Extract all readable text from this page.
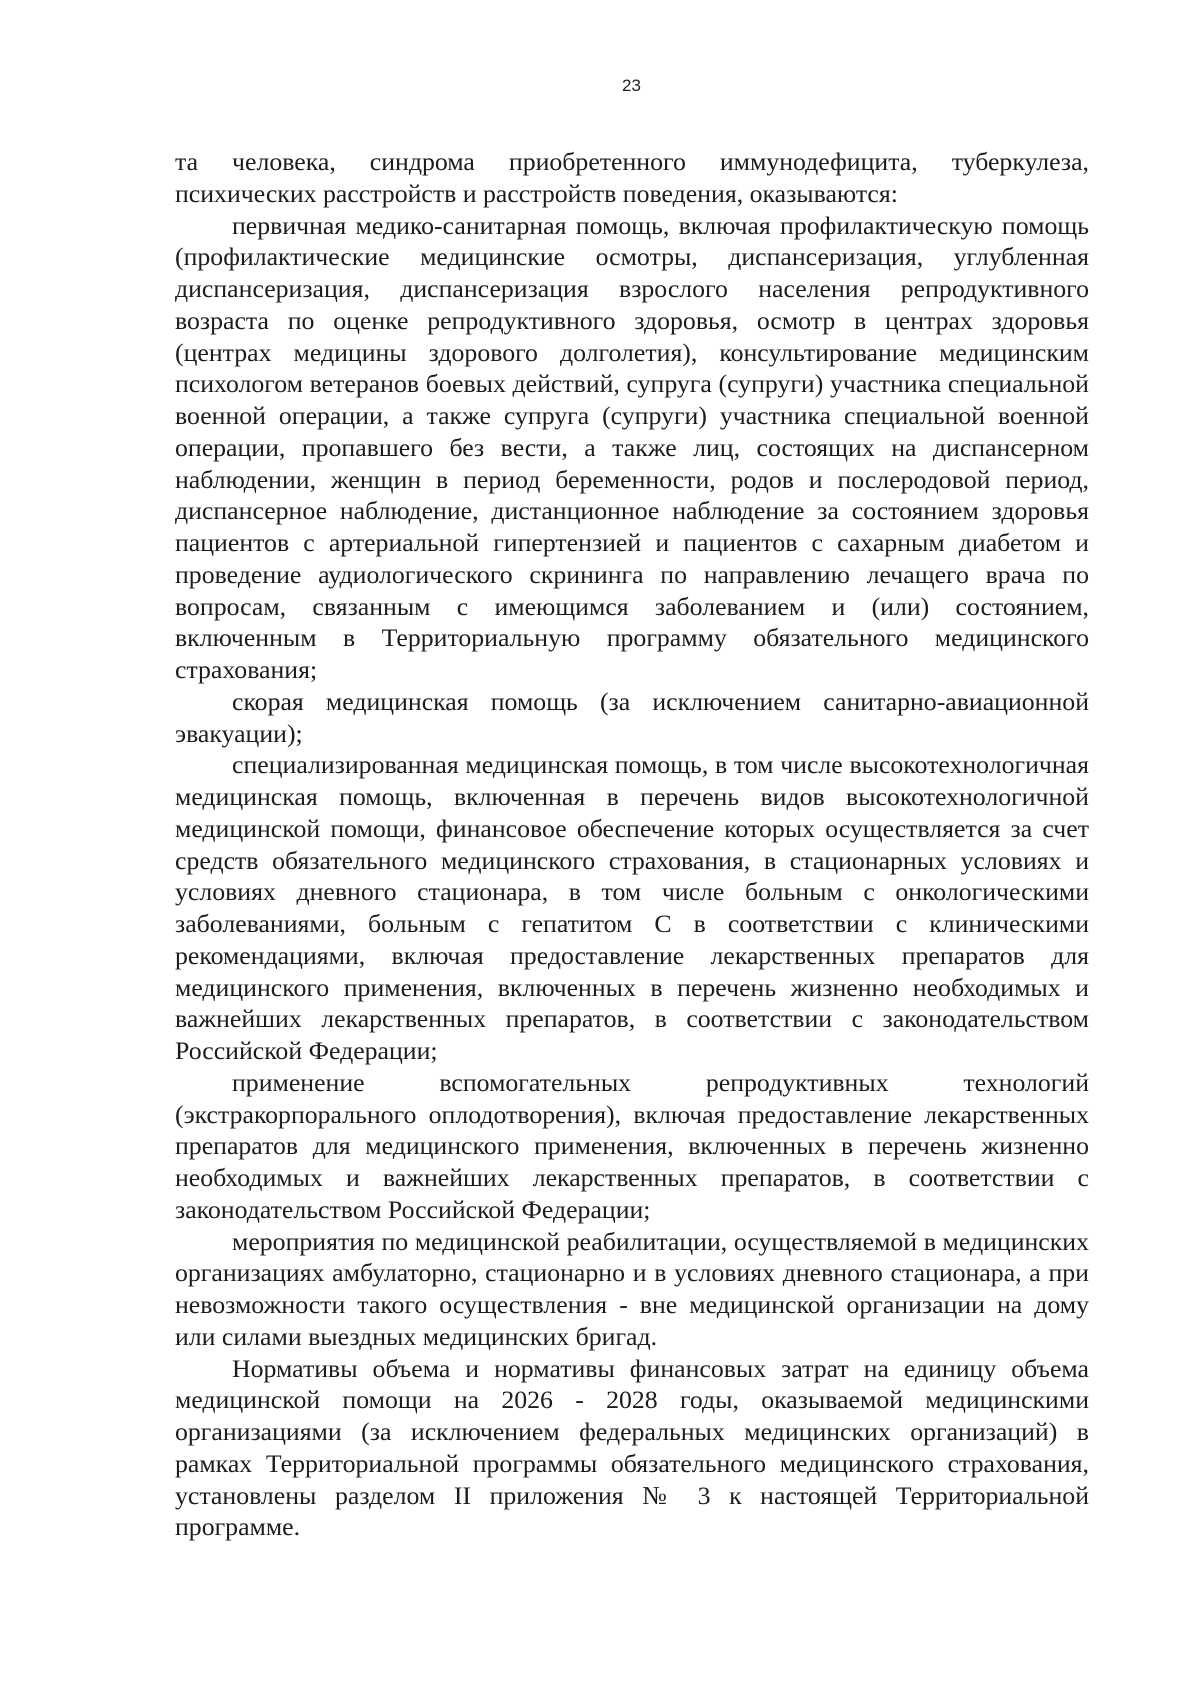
23

та человека, синдрома приобретенного иммунодефицита, туберкулеза, психических расстройств и расстройств поведения, оказываются:

первичная медико-санитарная помощь, включая профилактическую помощь (профилактические медицинские осмотры, диспансеризация, углубленная диспансеризация, диспансеризация взрослого населения репродуктивного возраста по оценке репродуктивного здоровья, осмотр в центрах здоровья (центрах медицины здорового долголетия), консультирование медицинским психологом ветеранов боевых действий, супруга (супруги) участника специальной военной операции, а также супруга (супруги) участника специальной военной операции, пропавшего без вести, а также лиц, состоящих на диспансерном наблюдении, женщин в период беременности, родов и послеродовой период, диспансерное наблюдение, дистанционное наблюдение за состоянием здоровья пациентов с артериальной гипертензией и пациентов с сахарным диабетом и проведение аудиологического скрининга по направлению лечащего врача по вопросам, связанным с имеющимся заболеванием и (или) состоянием, включенным в Территориальную программу обязательного медицинского страхования;

скорая медицинская помощь (за исключением санитарно-авиационной эвакуации);

специализированная медицинская помощь, в том числе высокотехнологичная медицинская помощь, включенная в перечень видов высокотехнологичной медицинской помощи, финансовое обеспечение которых осуществляется за счет средств обязательного медицинского страхования, в стационарных условиях и условиях дневного стационара, в том числе больным с онкологическими заболеваниями, больным с гепатитом С в соответствии с клиническими рекомендациями, включая предоставление лекарственных препаратов для медицинского применения, включенных в перечень жизненно необходимых и важнейших лекарственных препаратов, в соответствии с законодательством Российской Федерации;

применение вспомогательных репродуктивных технологий (экстракорпорального оплодотворения), включая предоставление лекарственных препаратов для медицинского применения, включенных в перечень жизненно необходимых и важнейших лекарственных препаратов, в соответствии с законодательством Российской Федерации;

мероприятия по медицинской реабилитации, осуществляемой в медицинских организациях амбулаторно, стационарно и в условиях дневного стационара, а при невозможности такого осуществления - вне медицинской организации на дому или силами выездных медицинских бригад.

Нормативы объема и нормативы финансовых затрат на единицу объема медицинской помощи на 2026 - 2028 годы, оказываемой медицинскими организациями (за исключением федеральных медицинских организаций) в рамках Территориальной программы обязательного медицинского страхования, установлены разделом II приложения № 3 к настоящей Территориальной программе.
